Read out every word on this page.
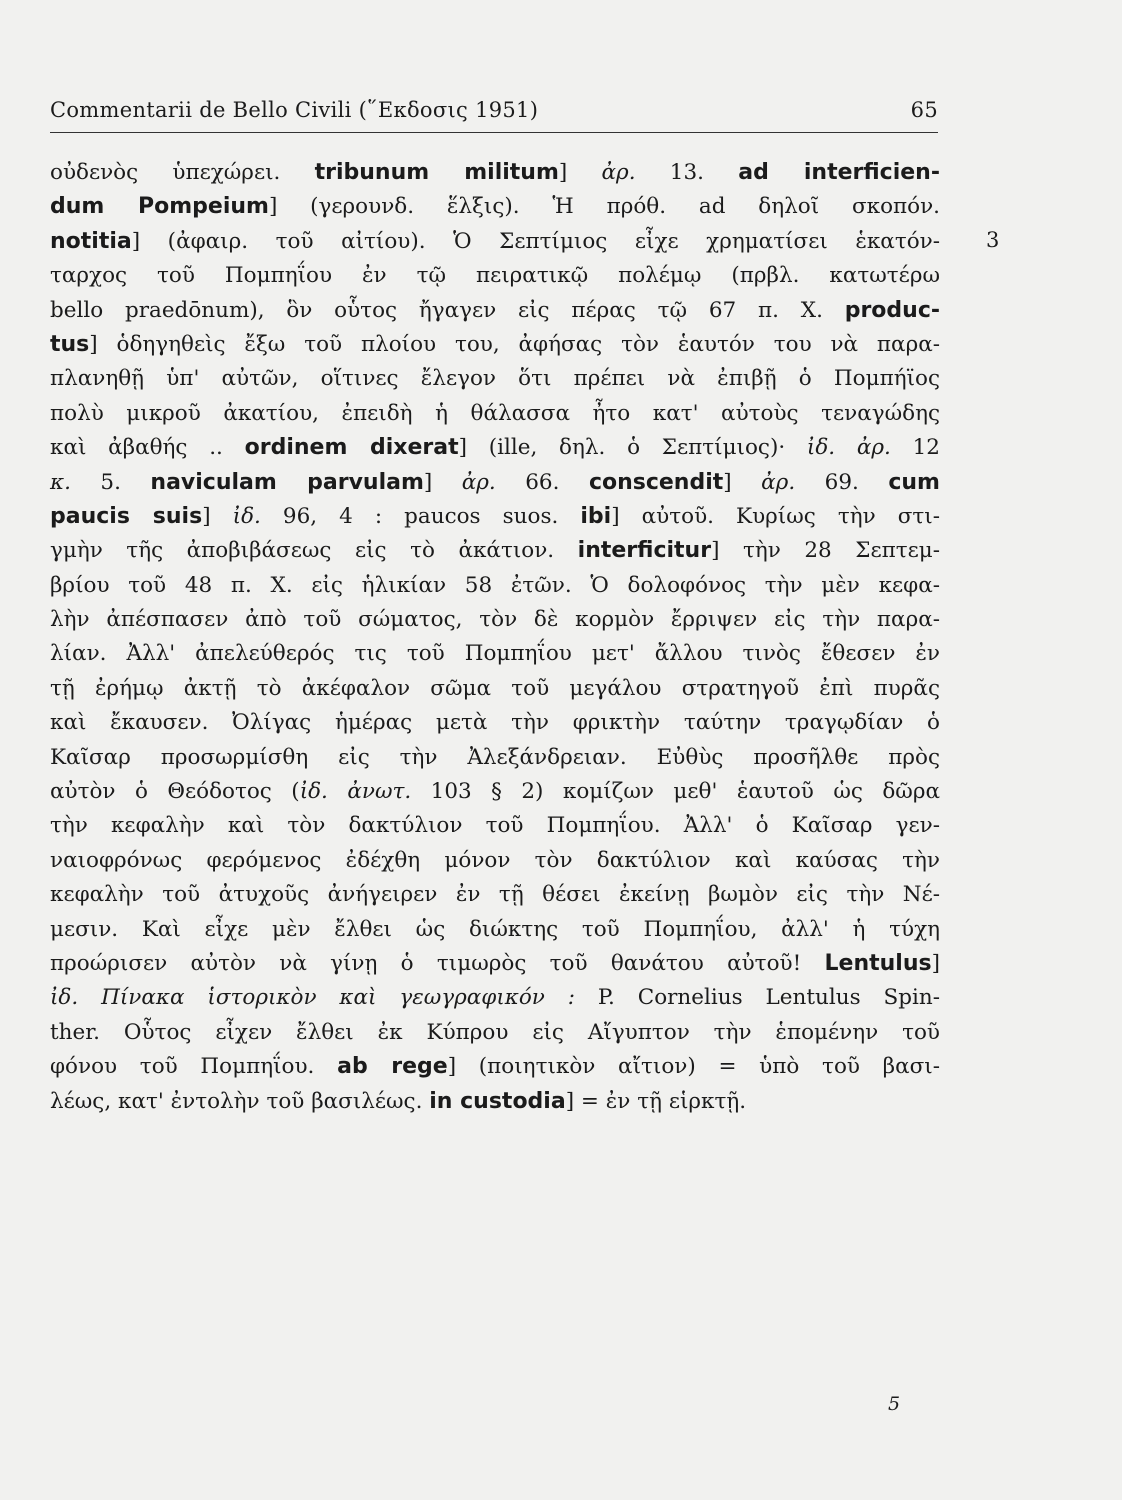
Commentarii de Bello Civili (῞Εκδοσις 1951)	65
οὐδενὸς ὑπεχώρει. tribunum militum] ἀρ. 13. ad interficien-
dum Pompeium] (γερουνδ. ἕλξις). Ἡ πρόθ. ad δηλοῖ σκοπόν.
notitia] (ἀφαιρ. τοῦ αἰτίου). Ὁ Σεπτίμιος εἶχε χρηματίσει ἑκατόν-
ταρχος τοῦ Πομπηΐου ἐν τῷ πειρατικῷ πολέμῳ (πρβλ. κατωτέρω
bello praedōnum), ὃν οὗτος ἤγαγεν εἰς πέρας τῷ 67 π. Χ. produc-
tus] ὁδηγηθεὶς ἔξω τοῦ πλοίου του, ἀφήσας τὸν ἑαυτόν του νὰ παρα-
πλανηθῇ ὑπ' αὐτῶν, οἵτινες ἔλεγον ὅτι πρέπει νὰ ἐπιβῇ ὁ Πομπήϊος
πολὺ μικροῦ ἀκατίου, ἐπειδὴ ἡ θάλασσα ἦτο κατ' αὐτοὺς τεναγώδης
καὶ ἀβαθής .. ordinem dixerat] (ille, δηλ. ὁ Σεπτίμιος)· ἰδ. ἀρ. 12
κ. 5. naviculam parvulam] ἀρ. 66. conscendit] ἀρ. 69. cum
paucis suis] ἰδ. 96, 4 : paucos suos. ibi] αὐτοῦ. Κυρίως τὴν στι-
γμὴν τῆς ἀποβιβάσεως εἰς τὸ ἀκάτιον. interficitur] τὴν 28 Σεπτεμ-
βρίου τοῦ 48 π. Χ. εἰς ἡλικίαν 58 ἐτῶν. Ὁ δολοφόνος τὴν μὲν κεφα-
λὴν ἀπέσπασεν ἀπὸ τοῦ σώματος, τὸν δὲ κορμὸν ἔρριψεν εἰς τὴν παρα-
λίαν. Ἀλλ' ἀπελεύθερός τις τοῦ Πομπηΐου μετ' ἄλλου τινὸς ἔθεσεν ἐν
τῇ ἐρήμῳ ἀκτῇ τὸ ἀκέφαλον σῶμα τοῦ μεγάλου στρατηγοῦ ἐπὶ πυρᾶς
καὶ ἔκαυσεν. Ὀλίγας ἡμέρας μετὰ τὴν φρικτὴν ταύτην τραγῳδίαν ὁ
Καῖσαρ προσωρμίσθη εἰς τὴν Ἀλεξάνδρειαν. Εὐθὺς προσῆλθε πρὸς
αὐτὸν ὁ Θεόδοτος (ἰδ. ἀνωτ. 103 § 2) κομίζων μεθ' ἑαυτοῦ ὡς δῶρα
τὴν κεφαλὴν καὶ τὸν δακτύλιον τοῦ Πομπηΐου. Ἀλλ' ὁ Καῖσαρ γεν-
ναιοφρόνως φερόμενος ἐδέχθη μόνον τὸν δακτύλιον καὶ καύσας τὴν
κεφαλὴν τοῦ ἀτυχοῦς ἀνήγειρεν ἐν τῇ θέσει ἐκείνῃ βωμὸν εἰς τὴν Νέ-
μεσιν. Καὶ εἶχε μὲν ἔλθει ὡς διώκτης τοῦ Πομπηΐου, ἀλλ' ἡ τύχη
προώρισεν αὐτὸν νὰ γίνῃ ὁ τιμωρὸς τοῦ θανάτου αὐτοῦ! Lentulus]
ἰδ. Πίνακα ἱστορικὸν καὶ γεωγραφικόν : P. Cornelius Lentulus Spin-
ther. Οὗτος εἶχεν ἔλθει ἐκ Κύπρου εἰς Αἴγυπτον τὴν ἑπομένην τοῦ
φόνου τοῦ Πομπηΐου. ab rege] (ποιητικὸν αἴτιον) = ὑπὸ τοῦ βασι-
λέως, κατ' ἐντολὴν τοῦ βασιλέως. in custodia] = ἐν τῇ εἱρκτῇ.
3
5
